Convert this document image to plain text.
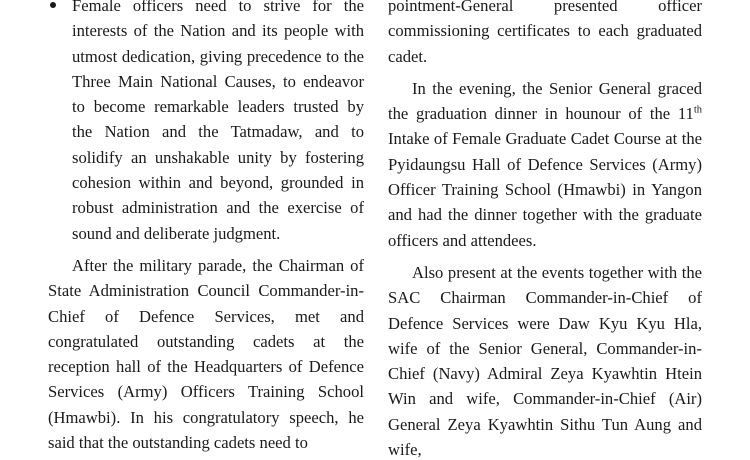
Female officers need to strive for the interests of the Nation and its people with utmost dedication, giving precedence to the Three Main National Causes, to endeavor to become remarkable leaders trusted by the Nation and the Tatmadaw, and to solidify an unshakable unity by fostering cohesion within and beyond, grounded in robust administration and the exercise of sound and deliberate judgment.

After the military parade, the Chairman of State Administration Council Commander-in-Chief of Defence Services, met and congratulated outstanding cadets at the reception hall of the Headquarters of Defence Services (Army) Officers Training School (Hmawbi). In his congratulatory speech, he said that the outstanding cadets need to

pointment-General presented officer commissioning certificates to each graduated cadet.

In the evening, the Senior General graced the graduation dinner in hounour of the 11th Intake of Female Graduate Cadet Course at the Pyidaungsu Hall of Defence Services (Army) Officer Training School (Hmawbi) in Yangon and had the dinner together with the graduate officers and attendees.

Also present at the events together with the SAC Chairman Commander-in-Chief of Defence Services were Daw Kyu Kyu Hla, wife of the Senior General, Commander-in-Chief (Navy) Admiral Zeya Kyawhtin Htein Win and wife, Commander-in-Chief (Air) General Zeya Kyawhtin Sithu Tun Aung and wife,
